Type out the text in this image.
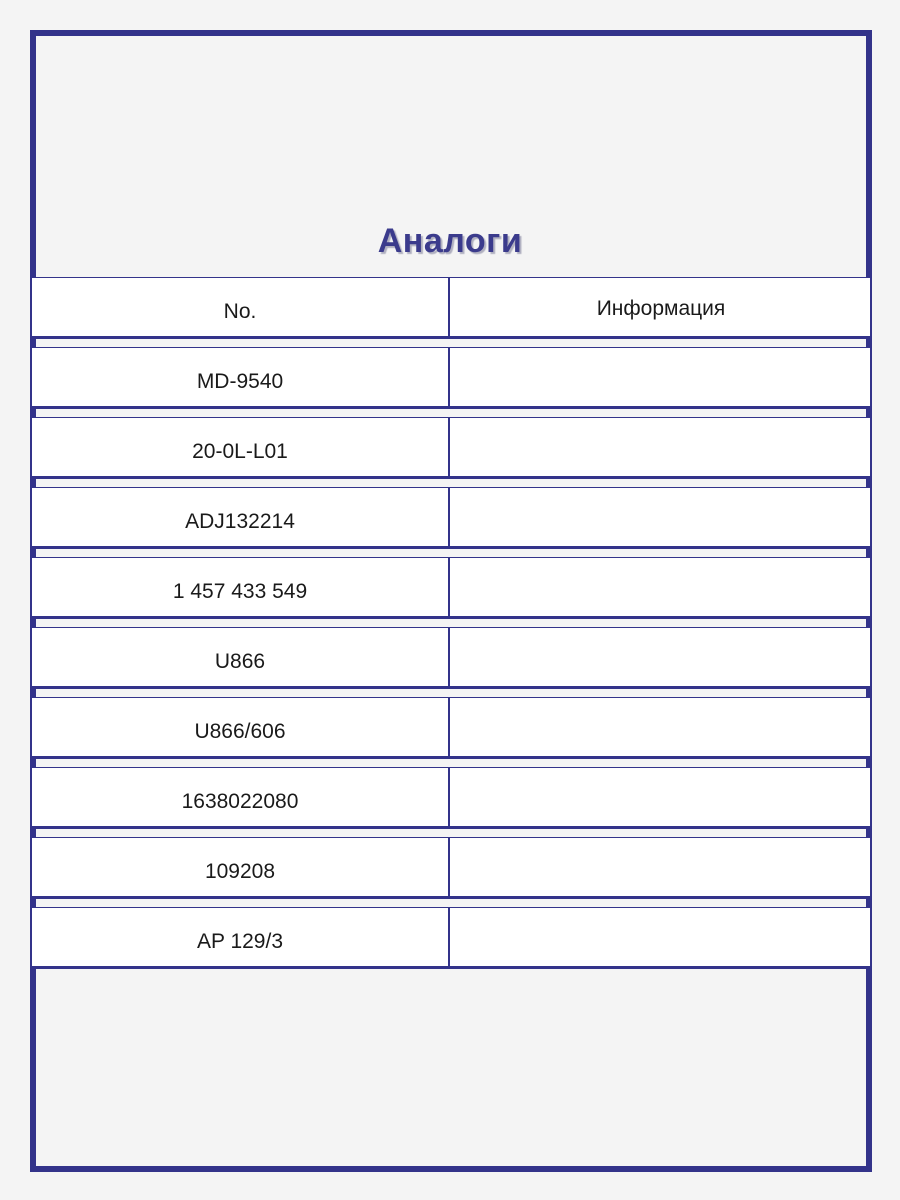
Аналоги
No.	Информация
MD-9540
20-0L-L01
ADJ132214
1 457 433 549
U866
U866/606
1638022080
109208
AP 129/3
